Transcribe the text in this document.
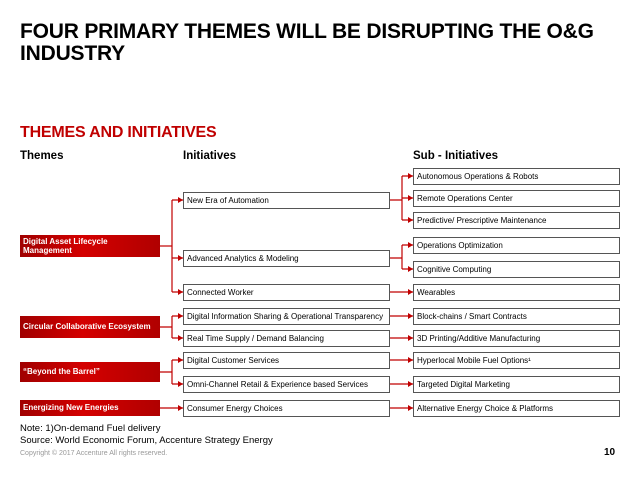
FOUR PRIMARY THEMES WILL BE DISRUPTING THE O&G INDUSTRY
THEMES AND INITIATIVES
Themes	Initiatives	Sub - Initiatives
Digital Asset Lifecycle Management
Circular Collaborative Ecosystem
“Beyond the Barrel”
Energizing New Energies
New Era of Automation
Advanced Analytics & Modeling
Connected Worker
Digital Information Sharing & Operational Transparency
Real Time Supply / Demand Balancing
Digital Customer Services
Omni-Channel Retail & Experience based Services
Consumer Energy Choices
Autonomous Operations & Robots
Remote Operations Center
Predictive/ Prescriptive Maintenance
Operations Optimization
Cognitive Computing
Wearables
Block-chains / Smart Contracts
3D Printing/Additive Manufacturing
Hyperlocal Mobile Fuel Options¹
Targeted Digital Marketing
Alternative Energy Choice & Platforms
Note: 1)On-demand Fuel delivery
Source: World Economic Forum, Accenture Strategy Energy
Copyright © 2017 Accenture All rights reserved.	10
